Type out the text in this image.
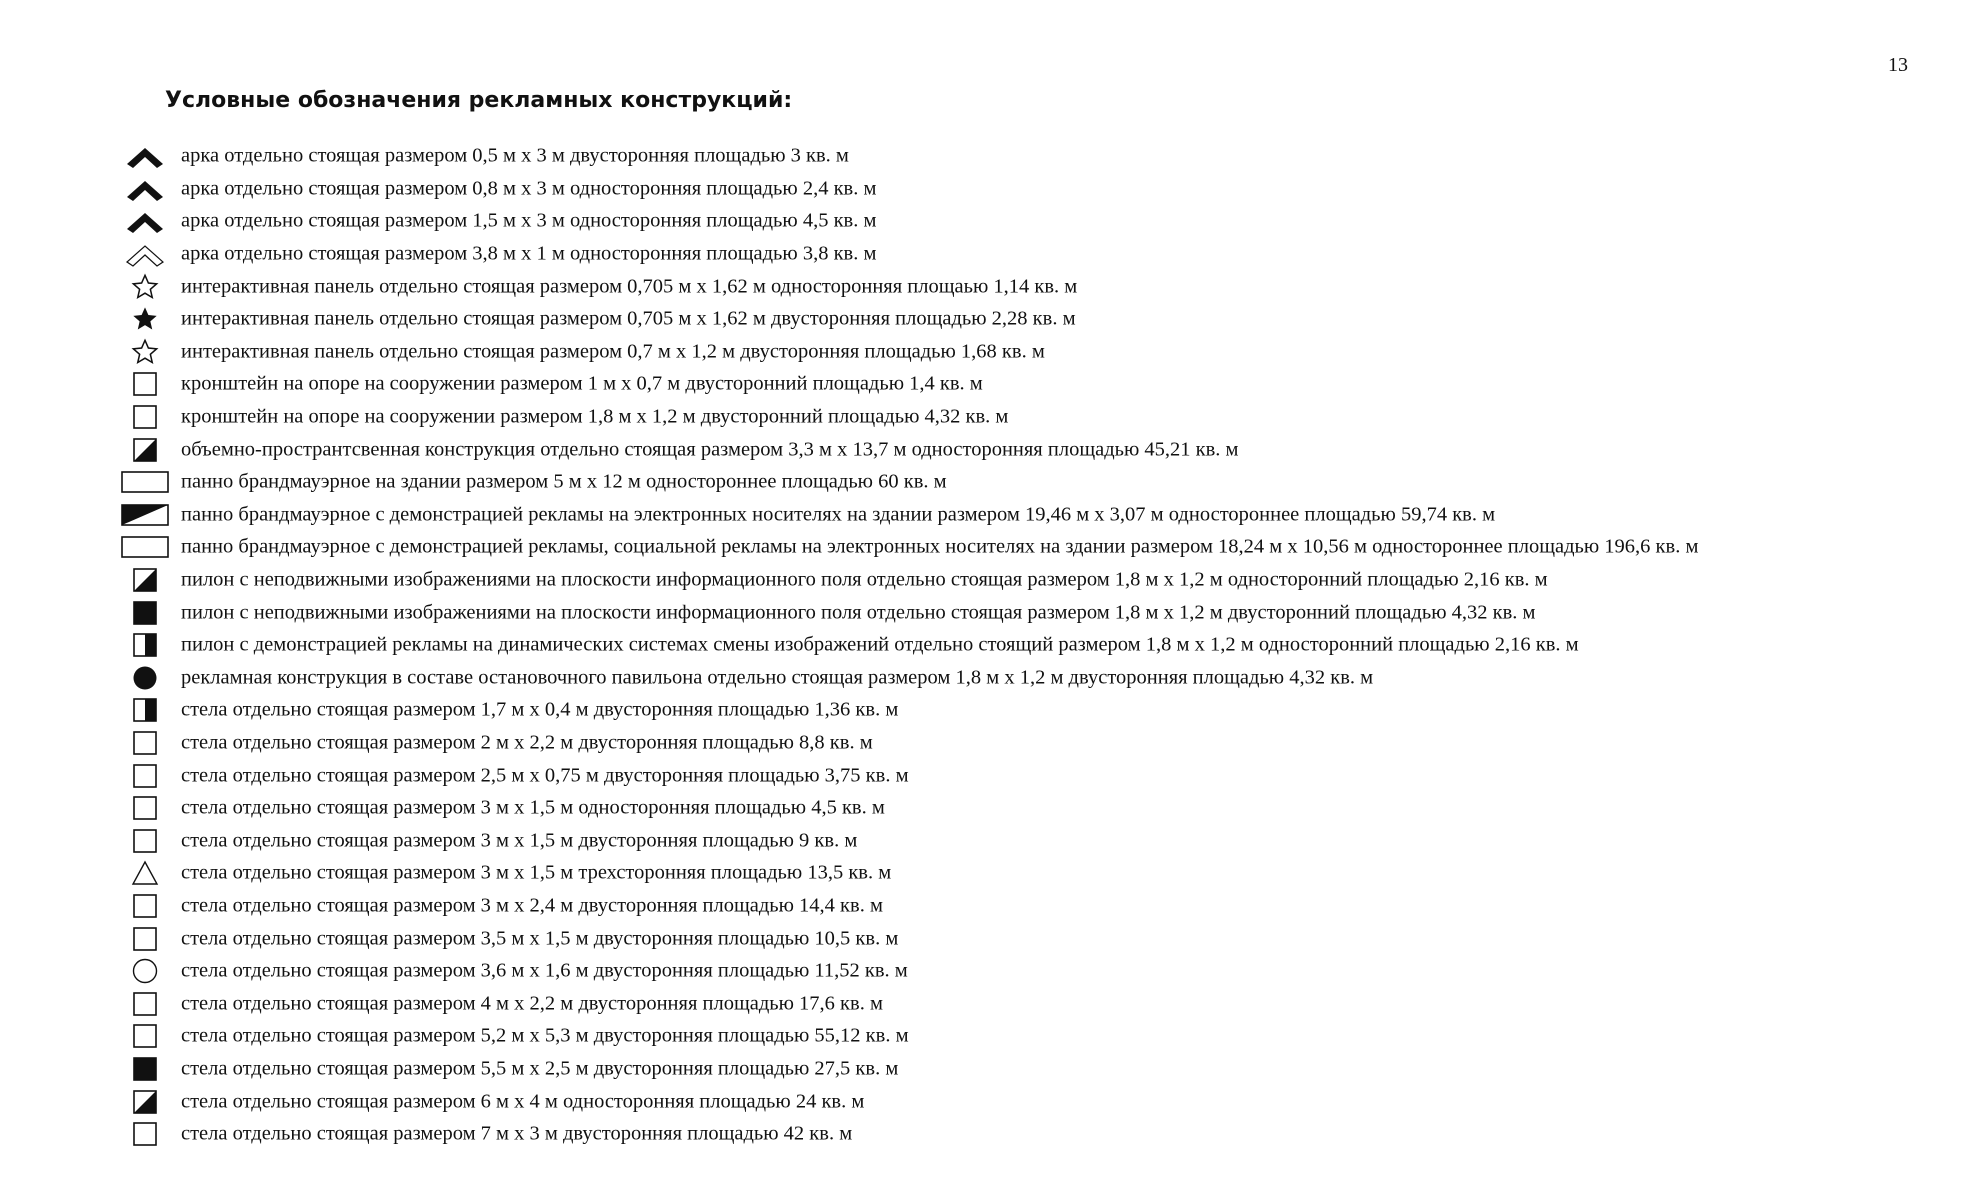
13
Условные обозначения рекламных конструкций:
арка отдельно стоящая размером 0,5 м х 3 м двусторонняя площадью 3 кв. м
арка отдельно стоящая размером 0,8 м х 3 м односторонняя площадью 2,4 кв. м
арка отдельно стоящая размером 1,5 м х 3 м односторонняя площадью 4,5 кв. м
арка отдельно стоящая размером 3,8 м х 1 м односторонняя площадью 3,8 кв. м
интерактивная панель отдельно стоящая размером 0,705 м х 1,62 м односторонняя площаью 1,14 кв. м
интерактивная панель отдельно стоящая размером 0,705 м х 1,62 м двусторонняя площадью 2,28 кв. м
интерактивная панель отдельно стоящая размером 0,7 м х 1,2 м двусторонняя площадью 1,68 кв. м
кронштейн на опоре на сооружении размером 1 м х 0,7 м двусторонний площадью 1,4 кв. м
кронштейн на опоре на сооружении размером 1,8 м х 1,2 м двусторонний площадью 4,32 кв. м
объемно-пространтсвенная конструкция отдельно стоящая размером 3,3 м х 13,7 м односторонняя площадью 45,21 кв. м
панно брандмауэрное на здании размером 5 м х 12 м одностороннее площадью 60 кв. м
панно брандмауэрное с демонстрацией рекламы на электронных носителях на здании размером 19,46 м х 3,07 м одностороннее площадью 59,74 кв. м
панно брандмауэрное с демонстрацией рекламы, социальной рекламы на электронных носителях на здании размером 18,24 м х 10,56 м одностороннее площадью 196,6 кв. м
пилон с неподвижными изображениями на плоскости информационного поля отдельно стоящая размером 1,8 м х 1,2 м односторонний площадью 2,16 кв. м
пилон с неподвижными изображениями на плоскости информационного поля отдельно стоящая размером 1,8 м х 1,2 м двусторонний площадью 4,32 кв. м
пилон с демонстрацией рекламы на динамических системах смены изображений отдельно стоящий размером 1,8 м х 1,2 м односторонний площадью 2,16 кв. м
рекламная конструкция в составе остановочного павильона отдельно стоящая размером 1,8 м х 1,2 м двусторонняя площадью 4,32 кв. м
стела отдельно стоящая размером 1,7 м х 0,4 м двусторонняя площадью 1,36 кв. м
стела отдельно стоящая размером 2 м х 2,2 м двусторонняя площадью 8,8 кв. м
стела отдельно стоящая размером 2,5 м х 0,75 м двусторонняя площадью 3,75 кв. м
стела отдельно стоящая размером 3 м х 1,5 м односторонняя площадью 4,5 кв. м
стела отдельно стоящая размером 3 м х 1,5 м двусторонняя площадью 9 кв. м
стела отдельно стоящая размером 3 м х 1,5 м трехсторонняя площадью 13,5 кв. м
стела отдельно стоящая размером 3 м х 2,4 м двусторонняя площадью 14,4 кв. м
стела отдельно стоящая размером 3,5 м х 1,5 м двусторонняя площадью 10,5 кв. м
стела отдельно стоящая размером 3,6 м х 1,6 м двусторонняя площадью 11,52 кв. м
стела отдельно стоящая размером 4 м х 2,2 м двусторонняя площадью 17,6 кв. м
стела отдельно стоящая размером 5,2 м х 5,3 м двусторонняя площадью 55,12 кв. м
стела отдельно стоящая размером 5,5 м х 2,5 м двусторонняя площадью 27,5 кв. м
стела отдельно стоящая размером 6 м х 4 м односторонняя площадью 24 кв. м
стела отдельно стоящая размером 7 м х 3 м двусторонняя площадью 42 кв. м
